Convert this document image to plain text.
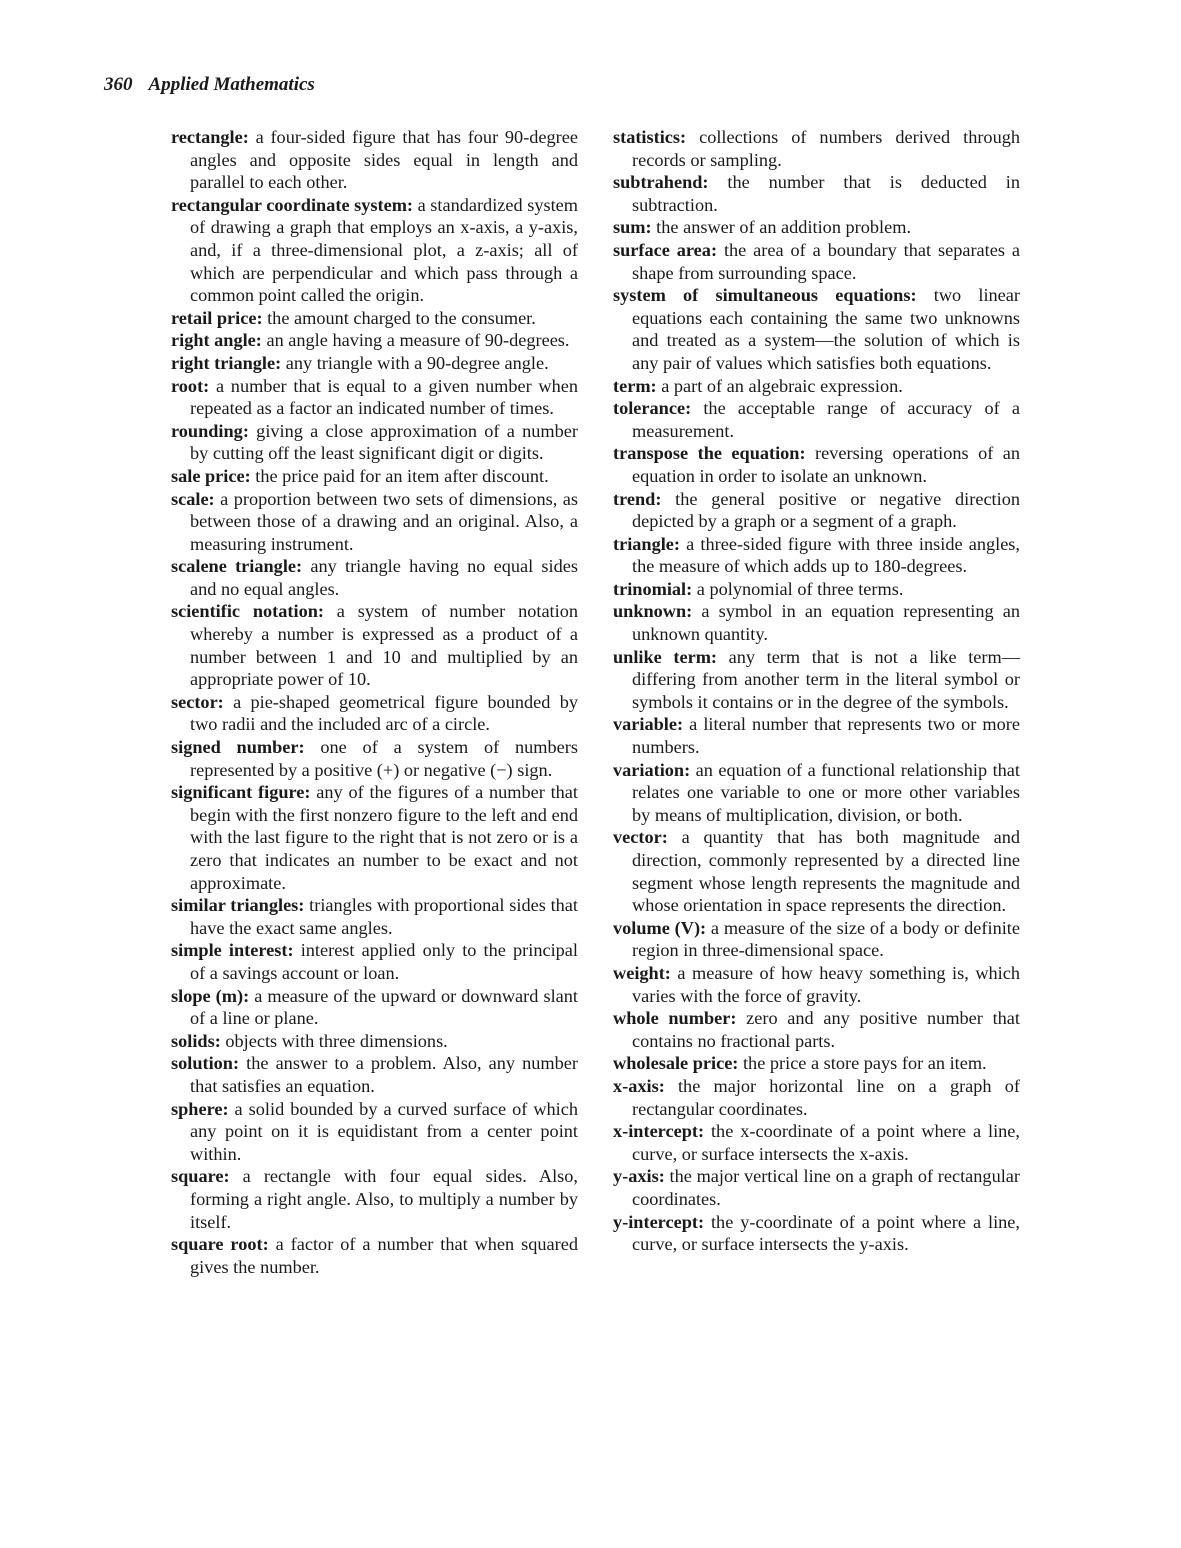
360 Applied Mathematics

rectangle: a four-sided figure that has four 90-degree angles and opposite sides equal in length and parallel to each other.

rectangular coordinate system: a standardized system of drawing a graph that employs an x-axis, a y-axis, and, if a three-dimensional plot, a z-axis; all of which are perpendicular and which pass through a common point called the origin.

retail price: the amount charged to the consumer.

right angle: an angle having a measure of 90-degrees.

right triangle: any triangle with a 90-degree angle.

root: a number that is equal to a given number when repeated as a factor an indicated number of times.

rounding: giving a close approximation of a number by cutting off the least significant digit or digits.

sale price: the price paid for an item after discount.

scale: a proportion between two sets of dimensions, as between those of a drawing and an original. Also, a measuring instrument.

scalene triangle: any triangle having no equal sides and no equal angles.

scientific notation: a system of number notation whereby a number is expressed as a product of a number between 1 and 10 and multiplied by an appropriate power of 10.

sector: a pie-shaped geometrical figure bounded by two radii and the included arc of a circle.

signed number: one of a system of numbers represented by a positive (+) or negative (−) sign.

significant figure: any of the figures of a number that begin with the first nonzero figure to the left and end with the last figure to the right that is not zero or is a zero that indicates an number to be exact and not approximate.

similar triangles: triangles with proportional sides that have the exact same angles.

simple interest: interest applied only to the principal of a savings account or loan.

slope (m): a measure of the upward or downward slant of a line or plane.

solids: objects with three dimensions.

solution: the answer to a problem. Also, any number that satisfies an equation.

sphere: a solid bounded by a curved surface of which any point on it is equidistant from a center point within.

square: a rectangle with four equal sides. Also, forming a right angle. Also, to multiply a number by itself.

square root: a factor of a number that when squared gives the number.

statistics: collections of numbers derived through records or sampling.

subtrahend: the number that is deducted in subtraction.

sum: the answer of an addition problem.

surface area: the area of a boundary that separates a shape from surrounding space.

system of simultaneous equations: two linear equations each containing the same two unknowns and treated as a system—the solution of which is any pair of values which satisfies both equations.

term: a part of an algebraic expression.

tolerance: the acceptable range of accuracy of a measurement.

transpose the equation: reversing operations of an equation in order to isolate an unknown.

trend: the general positive or negative direction depicted by a graph or a segment of a graph.

triangle: a three-sided figure with three inside angles, the measure of which adds up to 180-degrees.

trinomial: a polynomial of three terms.

unknown: a symbol in an equation representing an unknown quantity.

unlike term: any term that is not a like term—differing from another term in the literal symbol or symbols it contains or in the degree of the symbols.

variable: a literal number that represents two or more numbers.

variation: an equation of a functional relationship that relates one variable to one or more other variables by means of multiplication, division, or both.

vector: a quantity that has both magnitude and direction, commonly represented by a directed line segment whose length represents the magnitude and whose orientation in space represents the direction.

volume (V): a measure of the size of a body or definite region in three-dimensional space.

weight: a measure of how heavy something is, which varies with the force of gravity.

whole number: zero and any positive number that contains no fractional parts.

wholesale price: the price a store pays for an item.

x-axis: the major horizontal line on a graph of rectangular coordinates.

x-intercept: the x-coordinate of a point where a line, curve, or surface intersects the x-axis.

y-axis: the major vertical line on a graph of rectangular coordinates.

y-intercept: the y-coordinate of a point where a line, curve, or surface intersects the y-axis.
